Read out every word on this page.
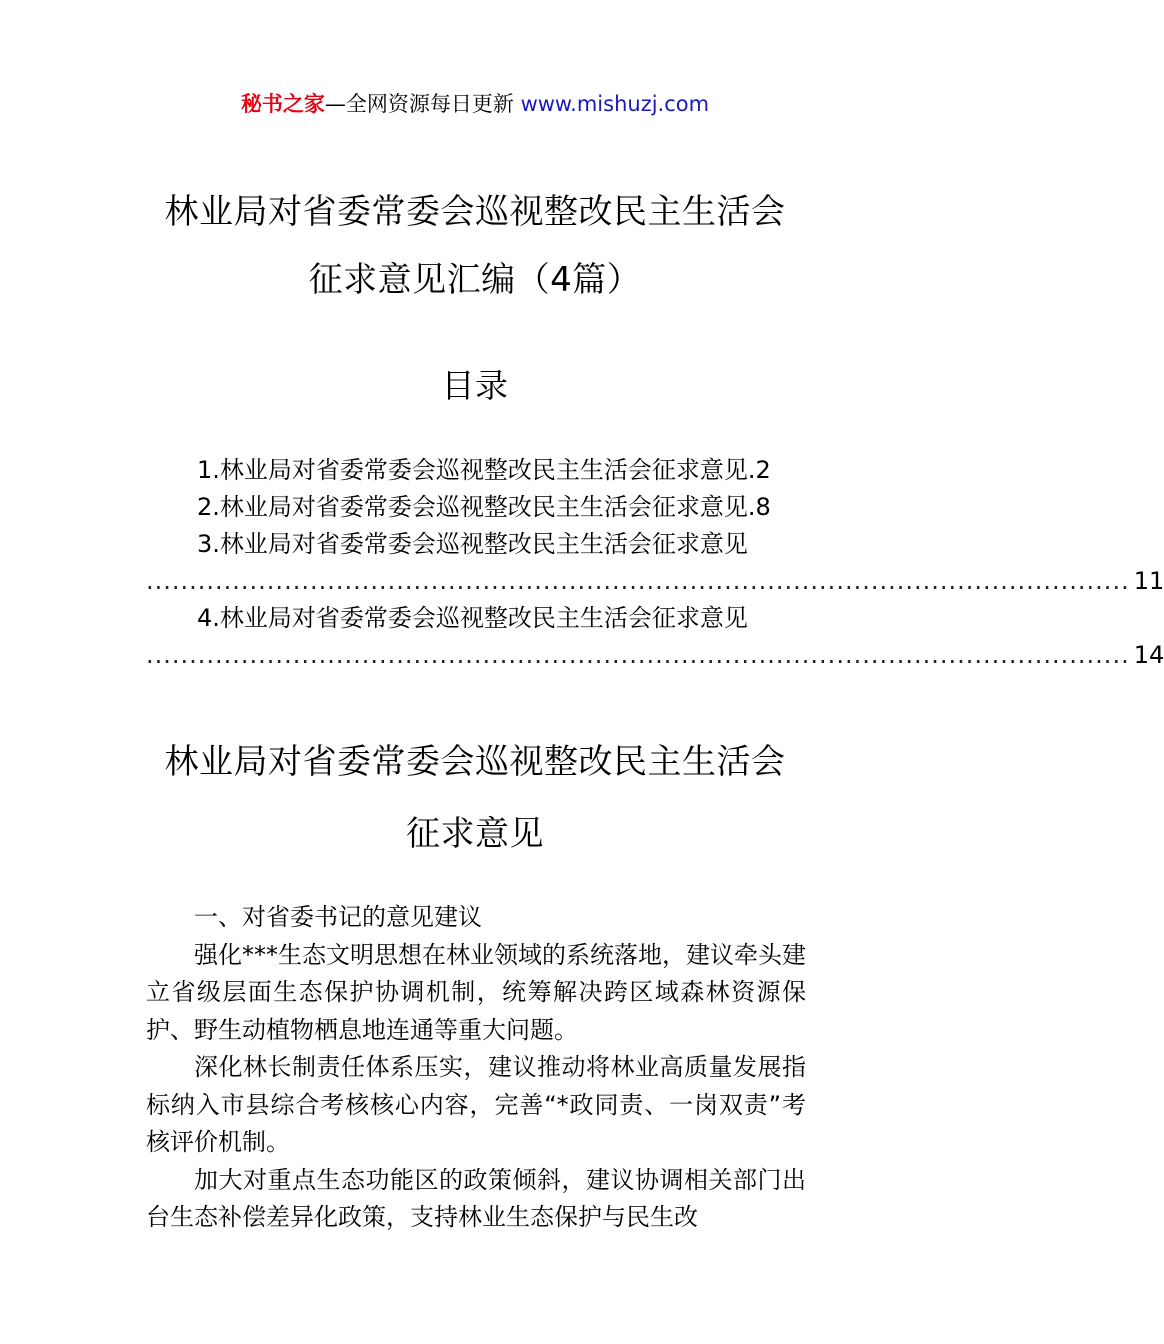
秘书之家—全网资源每日更新 www.mishuzj.com
林业局对省委常委会巡视整改民主生活会
征求意见汇编（4篇）
目录
1.林业局对省委常委会巡视整改民主生活会征求意见.2
2.林业局对省委常委会巡视整改民主生活会征求意见.8
3.林业局对省委常委会巡视整改民主生活会征求意见
.................................................................................................................. 11
4.林业局对省委常委会巡视整改民主生活会征求意见
.................................................................................................................. 14
林业局对省委常委会巡视整改民主生活会
征求意见

一、对省委书记的意见建议

强化***生态文明思想在林业领域的系统落地，建议牵头建立省级层面生态保护协调机制，统筹解决跨区域森林资源保护、野生动植物栖息地连通等重大问题。

深化林长制责任体系压实，建议推动将林业高质量发展指标纳入市县综合考核核心内容，完善“*政同责、一岗双责”考核评价机制。

加大对重点生态功能区的政策倾斜，建议协调相关部门出台生态补偿差异化政策，支持林业生态保护与民生改
